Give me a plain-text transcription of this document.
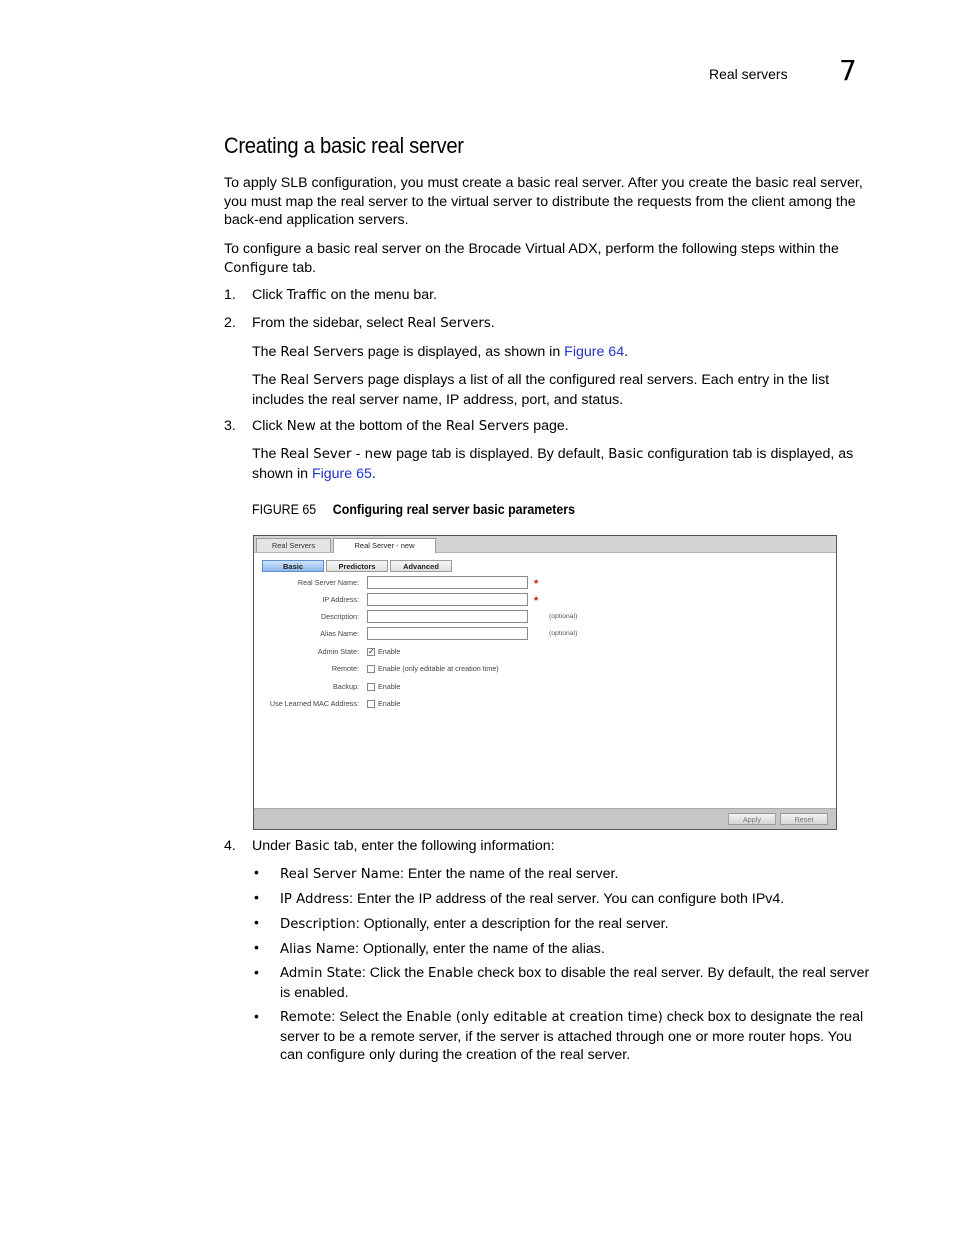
Real servers 7
Creating a basic real server

To apply SLB configuration, you must create a basic real server. After you create the basic real server, you must map the real server to the virtual server to distribute the requests from the client among the back-end application servers.

To configure a basic real server on the Brocade Virtual ADX, perform the following steps within the Configure tab.

1. Click Traffic on the menu bar.

2. From the sidebar, select Real Servers.

The Real Servers page is displayed, as shown in Figure 64.

The Real Servers page displays a list of all the configured real servers. Each entry in the list includes the real server name, IP address, port, and status.

3. Click New at the bottom of the Real Servers page.

The Real Sever - new page tab is displayed. By default, Basic configuration tab is displayed, as shown in Figure 65.

FIGURE 65 Configuring real server basic parameters
Real Servers	Real Server - new
Basic	Predictors	Advanced
Real Server Name:	*
IP Address:	*
Description:	(optional)
Alias Name:	(optional)
Admin State: ✓ Enable
Remote:	Enable (only editable at creation time)
Backup:	Enable
Use Learned MAC Address:	Enable
Apply	Reset
4. Under Basic tab, enter the following information:

• Real Server Name: Enter the name of the real server.

• IP Address: Enter the IP address of the real server. You can configure both IPv4.

• Description: Optionally, enter a description for the real server.

• Alias Name: Optionally, enter the name of the alias.

• Admin State: Click the Enable check box to disable the real server. By default, the real server is enabled.

• Remote: Select the Enable (only editable at creation time) check box to designate the real server to be a remote server, if the server is attached through one or more router hops. You can configure only during the creation of the real server.
